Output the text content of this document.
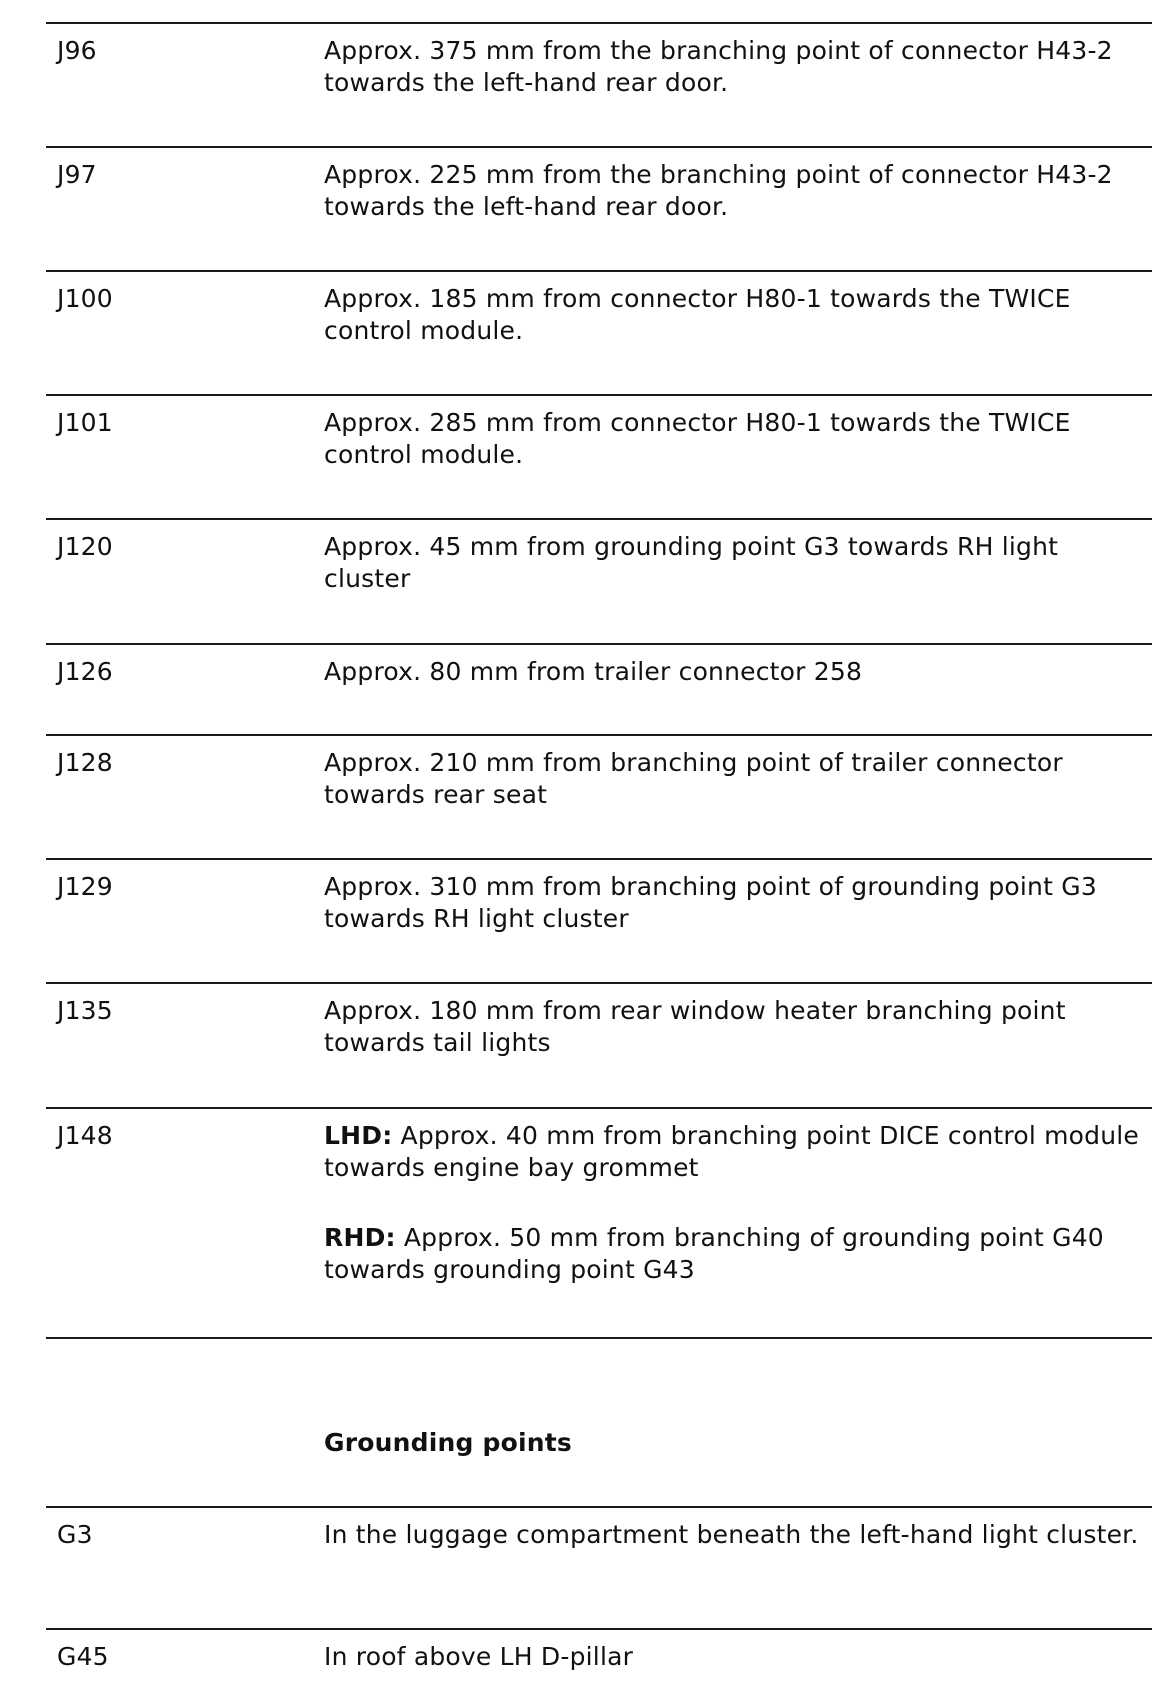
J96	Approx. 375 mm from the branching point of connector H43-2 towards the left-hand rear door.
J97	Approx. 225 mm from the branching point of connector H43-2 towards the left-hand rear door.
J100	Approx. 185 mm from connector H80-1 towards the TWICE control module.
J101	Approx. 285 mm from connector H80-1 towards the TWICE control module.
J120	Approx. 45 mm from grounding point G3 towards RH light cluster
J126	Approx. 80 mm from trailer connector 258
J128	Approx. 210 mm from branching point of trailer connector towards rear seat
J129	Approx. 310 mm from branching point of grounding point G3 towards RH light cluster
J135	Approx. 180 mm from rear window heater branching point towards tail lights
J148	LHD: Approx. 40 mm from branching point DICE control module towards engine bay grommet

RHD: Approx. 50 mm from branching of grounding point G40 towards grounding point G43

Grounding points
G3	In the luggage compartment beneath the left-hand light cluster.
G45	In roof above LH D-pillar
